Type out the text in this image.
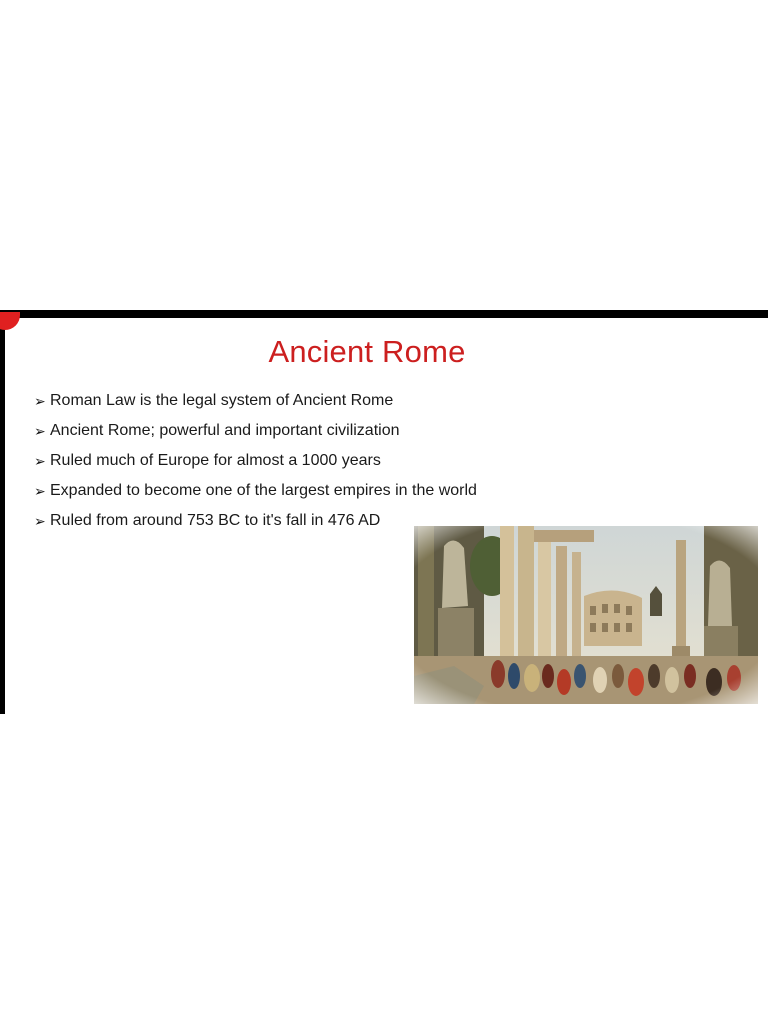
Ancient Rome
➢ Roman Law is the legal system of Ancient Rome
➢ Ancient Rome; powerful and important civilization
➢ Ruled much of Europe for almost a 1000 years
➢ Expanded to become one of the largest empires in the world
➢ Ruled from around 753 BC to it's fall in 476 AD
